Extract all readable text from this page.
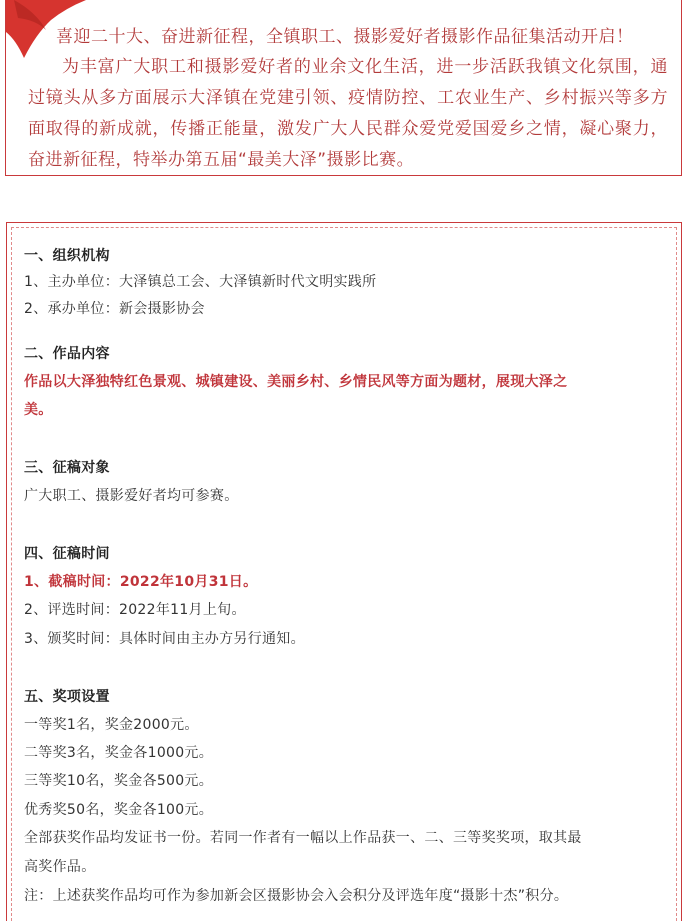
喜迎二十大、奋进新征程，全镇职工、摄影爱好者摄影作品征集活动开启！
为丰富广大职工和摄影爱好者的业余文化生活，进一步活跃我镇文化氛围，通过镜头从多方面展示大泽镇在党建引领、疫情防控、工农业生产、乡村振兴等多方面取得的新成就，传播正能量，激发广大人民群众爱党爱国爱乡之情，凝心聚力，奋进新征程，特举办第五届“最美大泽”摄影比赛。
一、组织机构
1、主办单位：大泽镇总工会、大泽镇新时代文明实践所
2、承办单位：新会摄影协会
二、作品内容
作品以大泽独特红色景观、城镇建设、美丽乡村、乡情民风等方面为题材，展现大泽之
美。
三、征稿对象
广大职工、摄影爱好者均可参赛。
四、征稿时间
1、截稿时间：2022年10月31日。
2、评选时间：2022年11月上旬。
3、颁奖时间：具体时间由主办方另行通知。
五、奖项设置
一等奖1名，奖金2000元。
二等奖3名，奖金各1000元。
三等奖10名，奖金各500元。
优秀奖50名，奖金各100元。
全部获奖作品均发证书一份。若同一作者有一幅以上作品获一、二、三等奖奖项，取其最
高奖作品。
注：上述获奖作品均可作为参加新会区摄影协会入会积分及评选年度“摄影十杰”积分。
